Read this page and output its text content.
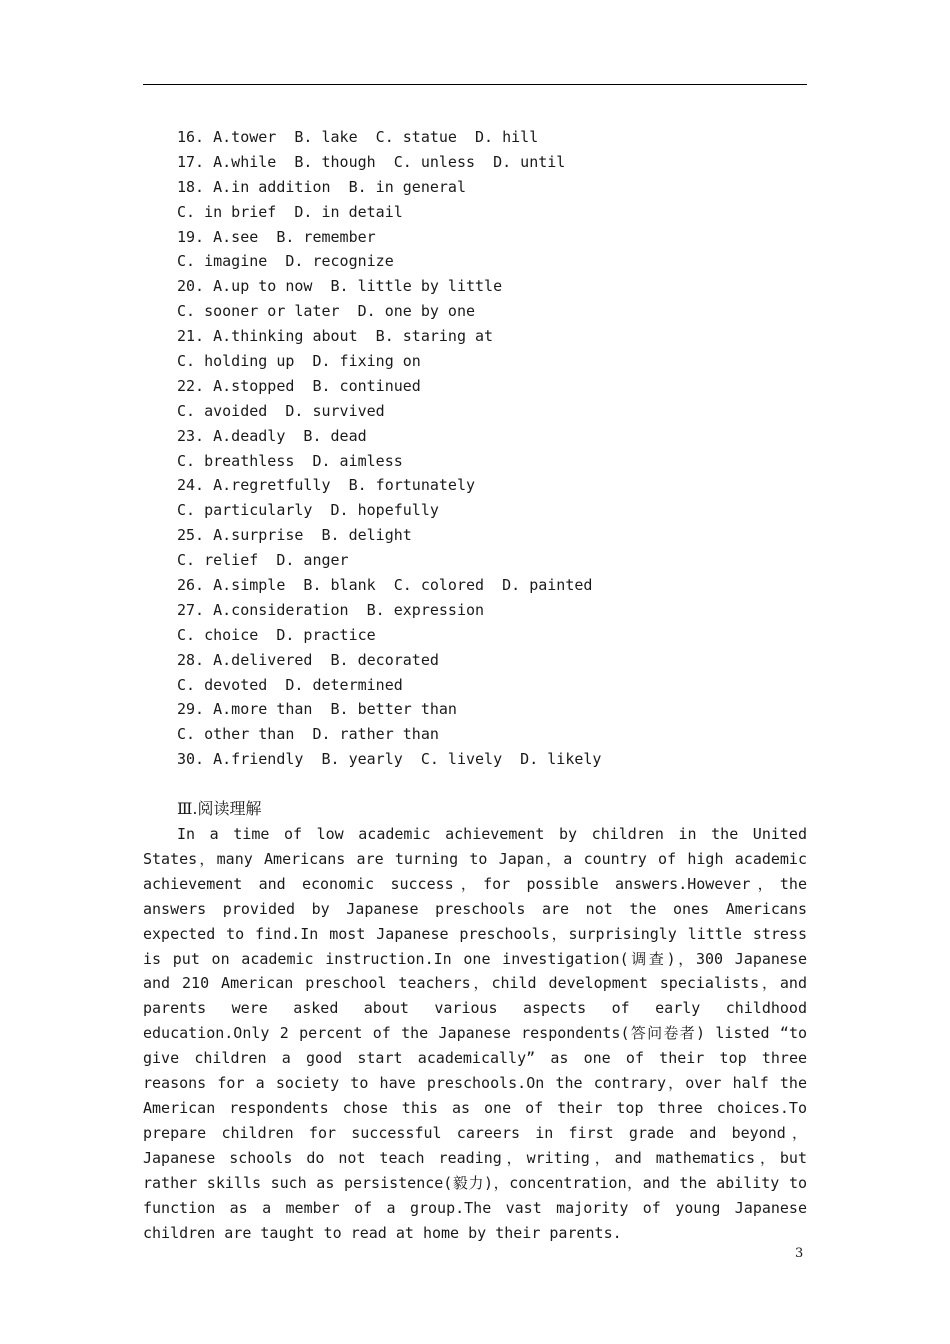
16. A.tower  B. lake  C. statue  D. hill
17. A.while  B. though  C. unless  D. until
18. A.in addition  B. in general
C. in brief  D. in detail
19. A.see  B. remember
C. imagine  D. recognize
20. A.up to now  B. little by little
C. sooner or later  D. one by one
21. A.thinking about  B. staring at
C. holding up  D. fixing on
22. A.stopped  B. continued
C. avoided  D. survived
23. A.deadly  B. dead
C. breathless  D. aimless
24. A.regretfully  B. fortunately
C. particularly  D. hopefully
25. A.surprise  B. delight
C. relief  D. anger
26. A.simple  B. blank  C. colored  D. painted
27. A.consideration  B. expression
C. choice  D. practice
28. A.delivered  B. decorated
C. devoted  D. determined
29. A.more than  B. better than
C. other than  D. rather than
30. A.friendly  B. yearly  C. lively  D. likely
Ⅲ.阅读理解
In a time of low academic achievement by children in the United States，many Americans are turning to Japan，a country of high academic achievement and economic success，for possible answers.However，the answers provided by Japanese preschools are not the ones Americans expected to find.In most Japanese preschools，surprisingly little stress is put on academic instruction.In one investigation(调查)，300 Japanese and 210 American preschool teachers，child development specialists，and parents were asked about various aspects of early childhood education.Only 2 percent of the Japanese respondents(答问卷者) listed “to give children a good start academically” as one of their top three reasons for a society to have preschools.On the contrary，over half the American respondents chose this as one of their top three choices.To prepare children for successful careers in first grade and beyond，Japanese schools do not teach reading，writing，and mathematics，but rather skills such as persistence(毅力)，concentration，and the ability to function as a member of a group.The vast majority of young Japanese children are taught to read at home by their parents.
3
